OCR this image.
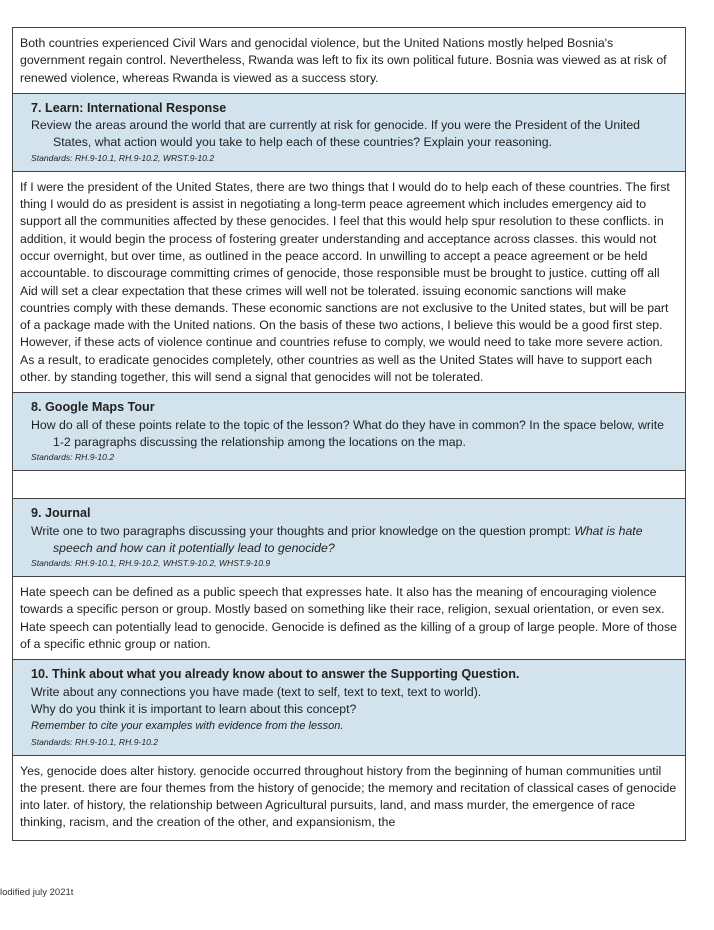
Both countries experienced Civil Wars and genocidal violence, but the United Nations mostly helped Bosnia's government regain control. Nevertheless, Rwanda was left to fix its own political future. Bosnia was viewed as at risk of renewed violence, whereas Rwanda is viewed as a success story.
7. Learn: International Response
Review the areas around the world that are currently at risk for genocide. If you were the President of the United States, what action would you take to help each of these countries? Explain your reasoning.
Standards: RH.9-10.1, RH.9-10.2, WRST.9-10.2
If I were the president of the United States, there are two things that I would do to help each of these countries. The first thing I would do as president is assist in negotiating a long-term peace agreement which includes emergency aid to support all the communities affected by these genocides. I feel that this would help spur resolution to these conflicts. in addition, it would begin the process of fostering greater understanding and acceptance across classes. this would not occur overnight, but over time, as outlined in the peace accord. In unwilling to accept a peace agreement or be held accountable. to discourage committing crimes of genocide, those responsible must be brought to justice. cutting off all Aid will set a clear expectation that these crimes will well not be tolerated. issuing economic sanctions will make countries comply with these demands. These economic sanctions are not exclusive to the United states, but will be part of a package made with the United nations. On the basis of these two actions, I believe this would be a good first step. However, if these acts of violence continue and countries refuse to comply, we would need to take more severe action. As a result, to eradicate genocides completely, other countries as well as the United States will have to support each other. by standing together, this will send a signal that genocides will not be tolerated.
8. Google Maps Tour
How do all of these points relate to the topic of the lesson? What do they have in common? In the space below, write 1-2 paragraphs discussing the relationship among the locations on the map.
Standards: RH.9-10.2
9. Journal
Write one to two paragraphs discussing your thoughts and prior knowledge on the question prompt: What is hate speech and how can it potentially lead to genocide?
Standards: RH.9-10.1, RH.9-10.2, WHST.9-10.2, WHST.9-10.9
Hate speech can be defined as a public speech that expresses hate. It also has the meaning of encouraging violence towards a specific person or group. Mostly based on something like their race, religion, sexual orientation, or even sex. Hate speech can potentially lead to genocide. Genocide is defined as the killing of a group of large people. More of those of a specific ethnic group or nation.
10. Think about what you already know about to answer the Supporting Question.
Write about any connections you have made (text to self, text to text, text to world).
Why do you think it is important to learn about this concept?
Remember to cite your examples with evidence from the lesson.
Standards: RH.9-10.1, RH.9-10.2
Yes, genocide does alter history. genocide occurred throughout history from the beginning of human communities until the present. there are four themes from the history of genocide; the memory and recitation of classical cases of genocide into later. of history, the relationship between Agricultural pursuits, land, and mass murder, the emergence of race thinking, racism, and the creation of the other, and expansionism, the
lodified july 2021t
